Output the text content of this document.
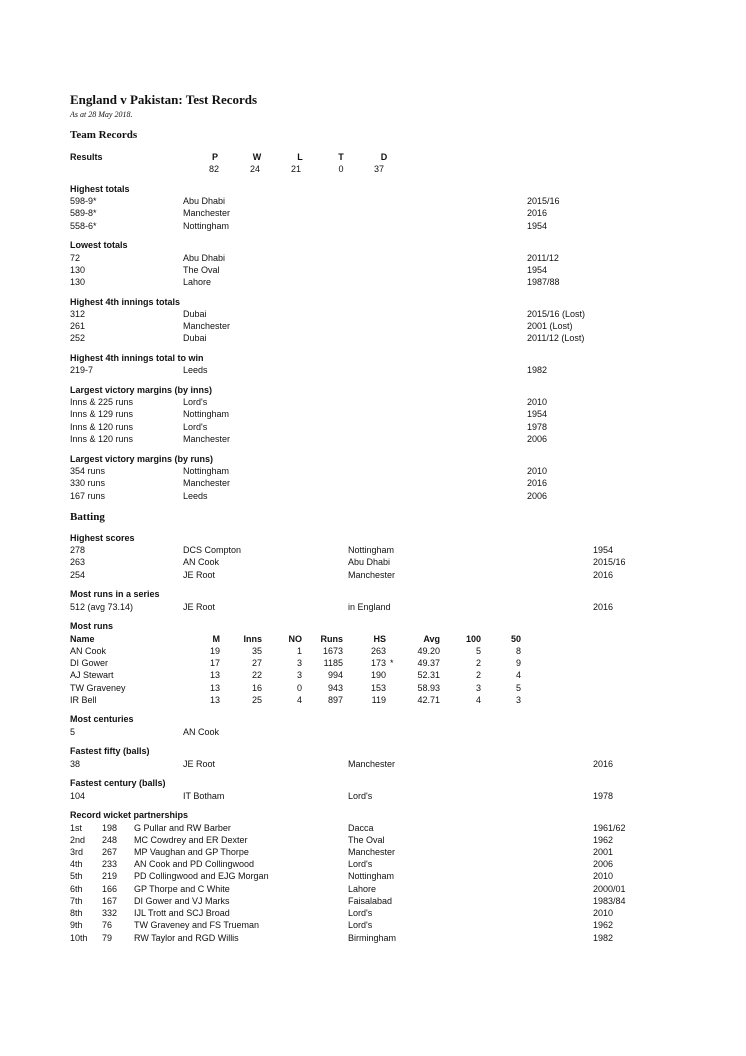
England v Pakistan: Test Records
As at 28 May 2018.
Team Records
Results	P	W	L	T	D
82	24	21	0	37
Highest totals
598-9*	Abu Dhabi	2015/16
589-8*	Manchester	2016
558-6*	Nottingham	1954
Lowest totals
72	Abu Dhabi	2011/12
130	The Oval	1954
130	Lahore	1987/88
Highest 4th innings totals
312	Dubai	2015/16 (Lost)
261	Manchester	2001 (Lost)
252	Dubai	2011/12 (Lost)
Highest 4th innings total to win
219-7	Leeds	1982
Largest victory margins (by inns)
Inns & 225 runs	Lord's	2010
Inns & 129 runs	Nottingham	1954
Inns & 120 runs	Lord's	1978
Inns & 120 runs	Manchester	2006
Largest victory margins (by runs)
354 runs	Nottingham	2010
330 runs	Manchester	2016
167 runs	Leeds	2006
Batting
Highest scores
278	DCS Compton	Nottingham	1954
263	AN Cook	Abu Dhabi	2015/16
254	JE Root	Manchester	2016
Most runs in a series
512 (avg 73.14)	JE Root	in England	2016
Most runs
Name	M	Inns	NO	Runs	HS	Avg	100	50
AN Cook	19	35	1	1673	263	49.20	5	8
DI Gower	17	27	3	1185	173 *	49.37	2	9
AJ Stewart	13	22	3	994	190	52.31	2	4
TW Graveney	13	16	0	943	153	58.93	3	5
IR Bell	13	25	4	897	119	42.71	4	3
Most centuries
5	AN Cook
Fastest fifty (balls)
38	JE Root	Manchester	2016
Fastest century (balls)
104	IT Botham	Lord's	1978
Record wicket partnerships
1st 198 G Pullar and RW Barber	Dacca	1961/62
2nd 248 MC Cowdrey and ER Dexter	The Oval	1962
3rd 267 MP Vaughan and GP Thorpe	Manchester	2001
4th 233 AN Cook and PD Collingwood	Lord's	2006
5th 219 PD Collingwood and EJG Morgan	Nottingham	2010
6th 166 GP Thorpe and C White	Lahore	2000/01
7th 167 DI Gower and VJ Marks	Faisalabad	1983/84
8th 332 IJL Trott and SCJ Broad	Lord's	2010
9th 76 TW Graveney and FS Trueman	Lord's	1962
10th 79 RW Taylor and RGD Willis	Birmingham	1982
